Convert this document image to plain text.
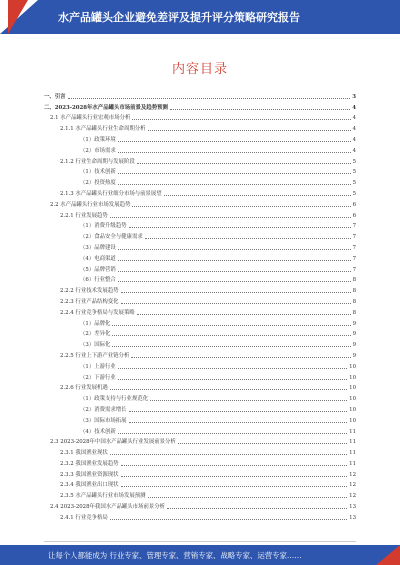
水产品罐头企业避免差评及提升评分策略研究报告
内容目录
一、引言	3
二、2023-2028年水产品罐头市场前景及趋势预测	4
2.1 水产品罐头行业宏观市场分析	4
2.1.1 水产品罐头行业生命周期分析	4
（1）政策环境	4
（2）市场需求	4
2.1.2 行业生命周期与发展阶段	5
（1）技术创新	5
（2）投资热度	5
2.1.3 水产品罐头行业细分市场与前景展望	5
2.2 水产品罐头行业市场发展趋势	6
2.2.1 行业发展趋势	6
（1）消费升级趋势	7
（2）食品安全与健康需求	7
（3）品牌建设	7
（4）电商渠道	7
（5）品牌营销	7
（6）行业整合	8
2.2.2 行业技术发展趋势	8
2.2.3 行业产品结构变化	8
2.2.4 行业竞争格局与发展策略	8
（1）品牌化	9
（2）差异化	9
（3）国际化	9
2.2.5 行业上下游产业链分析	9
（1）上游行业	10
（2）下游行业	10
2.2.6 行业发展机遇	10
（1）政策支持与行业规范化	10
（2）消费需求增长	10
（3）国际市场拓展	10
（4）技术创新	11
2.3 2023-2028年中国水产品罐头行业发展前景分析	11
2.3.1 我国渔业现状	11
2.3.2 我国渔业发展趋势	11
2.3.3 我国渔业资源现状	12
2.3.4 我国渔业出口现状	12
2.3.5 水产品罐头行业市场发展预测	12
2.4 2023-2028年我国水产品罐头市场前景分析	13
2.4.1 行业竞争格局	13
让每个人都能成为 行业专家、管理专家、营销专家、战略专家、运营专家……
